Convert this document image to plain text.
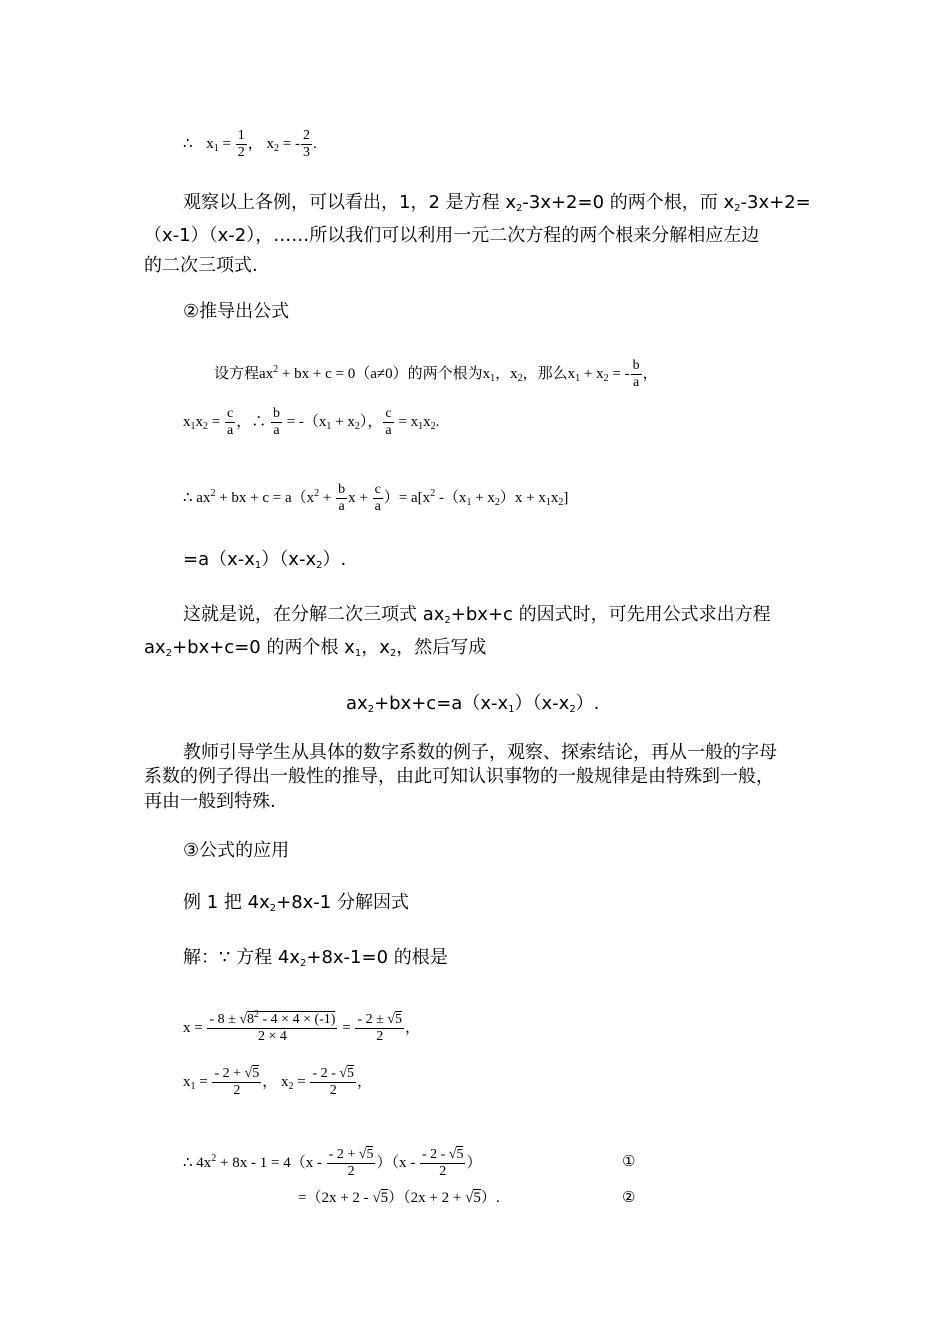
∴ $x_1 = \frac{1}{2}$ ， $x_2$ = - $\frac{2}{3}$ .
观察以上各例，可以看出，1，2 是方程 $x_2-3x+2=0$ 的两个根，而 $x_2-3x+2=$
（x-1）（x-2），……所以我们可以利用一元二次方程的两个根来分解相应左边
的二次三项式.
②推导出公式
设方程$ax^2$ + bx + c = 0（a≠0）的两个根为$x_1$，$x_2$，那么$x_1 + x_2$ = - $\frac{b}{a}$ ，
$x_1x_2 = \frac{c}{a}$ ，∴ $\frac{b}{a} = -(x_1 + x_2)$， $\frac{c}{a} = x_1x_2$.
∴ $ax^2$ + bx + $c = a(x^2 + \frac{b}{a}$ $x + \frac{c}{a}$ ）= $a[x^2$ $-(x_1 + x_2)x + x_1x_2$]
$=a(x-x_1)(x-x_2)$.
这就是说，在分解二次三项式 $ax_2+bx+c$ 的因式时，可先用公式求出方程
$ax_2+bx+c=0$ 的两个根 $x_1$，$x_2$，然后写成
$ax_2+bx+c=a(x-x_1)(x-x_2)$.
教师引导学生从具体的数字系数的例子，观察、探索结论，再从一般的字母
系数的例子得出一般性的推导，由此可知认识事物的一般规律是由特殊到一般，
再由一般到特殊.
③公式的应用
例 1 把 $4x_2+8x-1$ 分解因式
解：∵ 方程 $4x_2+8x-1=0$ 的根是
$x = \frac{- 8 \pm √8^2 - 4 \times 4 \times (-1)}{2 \times 4} = \frac{- 2 \pm √5}{2}$ ，
$x_1 = \frac{- 2 + √5}{2}$ ， $x_2 = \frac{- 2 - √5}{2}$ ，
∴ $4x^2 + 8x - 1 = 4(x - \frac{- 2 + √5}{2} )(x - \frac{- 2 - √5}{2}$ ）	①
=（2x + 2 - √5）（2x + 2 + √5）.	②
